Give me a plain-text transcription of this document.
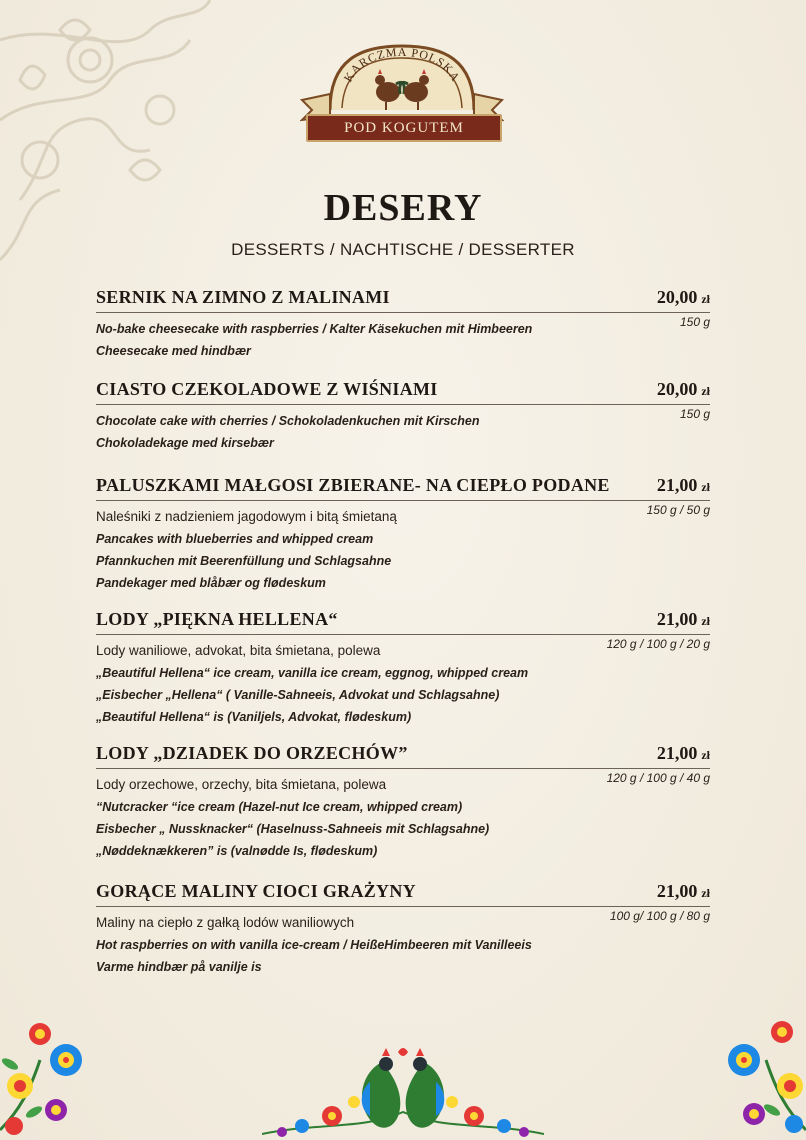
KARCZMA POLSKA
POD KOGUTEM
DESERY
DESSERTS / NACHTISCHE / DESSERTER
SERNIK NA ZIMNO Z MALINAMI	20,00 zł
150 g
No-bake cheesecake with raspberries / Kalter Käsekuchen mit Himbeeren
Cheesecake med hindbær
CIASTO CZEKOLADOWE Z WIŚNIAMI	20,00 zł
150 g
Chocolate cake with cherries / Schokoladenkuchen mit Kirschen
Chokoladekage med kirsebær
PALUSZKAMI MAŁGOSI ZBIERANE- NA CIEPŁO PODANE	21,00 zł
150 g / 50 g
Naleśniki z nadzieniem jagodowym i bitą śmietaną
Pancakes with blueberries and whipped cream
Pfannkuchen mit Beerenfüllung und Schlagsahne
Pandekager med blåbær og flødeskum
LODY „PIĘKNA HELLENA“	21,00 zł
120 g / 100 g / 20 g
Lody waniliowe, advokat, bita śmietana, polewa
„Beautiful Hellena“ ice cream, vanilla ice cream, eggnog, whipped cream
„Eisbecher „Hellena“ ( Vanille-Sahneeis, Advokat und Schlagsahne)
„Beautiful Hellena“ is (Vaniljels, Advokat, flødeskum)
LODY „DZIADEK DO ORZECHÓW”	21,00 zł
120 g / 100 g / 40 g
Lody orzechowe, orzechy, bita śmietana, polewa
“Nutcracker “ice cream (Hazel-nut Ice cream, whipped cream)
Eisbecher „ Nussknacker“ (Haselnuss-Sahneeis mit Schlagsahne)
„Nøddeknækkeren” is (valnødde Is, flødeskum)
GORĄCE MALINY CIOCI GRAŻYNY	21,00 zł
100 g/ 100 g / 80 g
Maliny na ciepło z gałką lodów waniliowych
Hot raspberries on with vanilla ice-cream / HeißeHimbeeren mit Vanilleeis
Varme hindbær på vanilje is
